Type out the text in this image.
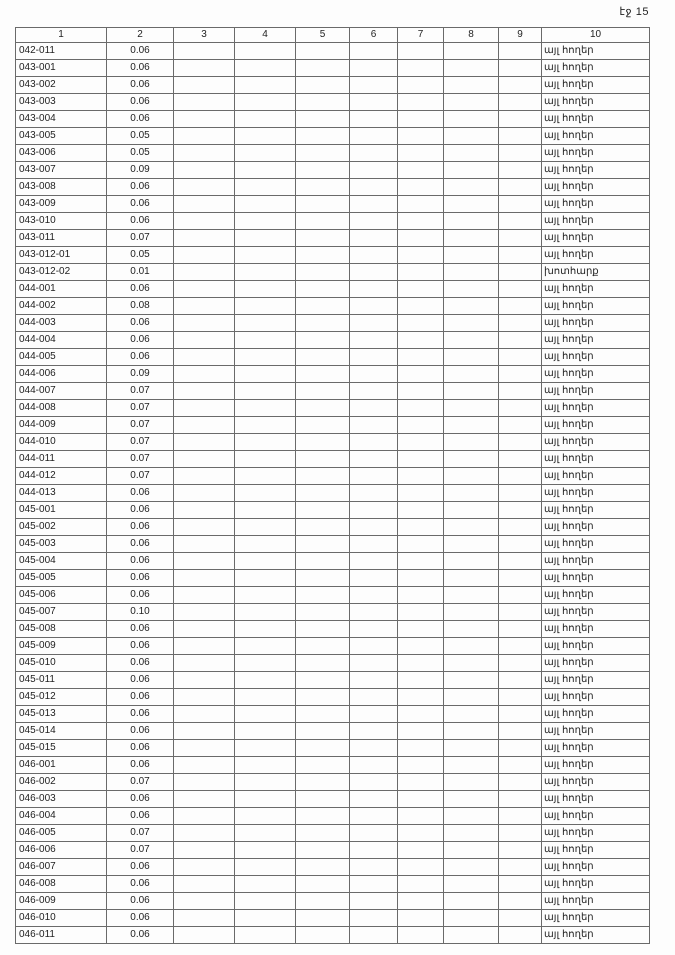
էջ 15
1	2	3	4	5	6	7	8	9	10
042-011	0.06								այլ հողեր
043-001	0.06								այլ հողեր
043-002	0.06								այլ հողեր
043-003	0.06								այլ հողեր
043-004	0.06								այլ հողեր
043-005	0.05								այլ հողեր
043-006	0.05								այլ հողեր
043-007	0.09								այլ հողեր
043-008	0.06								այլ հողեր
043-009	0.06								այլ հողեր
043-010	0.06								այլ հողեր
043-011	0.07								այլ հողեր
043-012-01	0.05								այլ հողեր
043-012-02	0.01								խոտհարք
044-001	0.06								այլ հողեր
044-002	0.08								այլ հողեր
044-003	0.06								այլ հողեր
044-004	0.06								այլ հողեր
044-005	0.06								այլ հողեր
044-006	0.09								այլ հողեր
044-007	0.07								այլ հողեր
044-008	0.07								այլ հողեր
044-009	0.07								այլ հողեր
044-010	0.07								այլ հողեր
044-011	0.07								այլ հողեր
044-012	0.07								այլ հողեր
044-013	0.06								այլ հողեր
045-001	0.06								այլ հողեր
045-002	0.06								այլ հողեր
045-003	0.06								այլ հողեր
045-004	0.06								այլ հողեր
045-005	0.06								այլ հողեր
045-006	0.06								այլ հողեր
045-007	0.10								այլ հողեր
045-008	0.06								այլ հողեր
045-009	0.06								այլ հողեր
045-010	0.06								այլ հողեր
045-011	0.06								այլ հողեր
045-012	0.06								այլ հողեր
045-013	0.06								այլ հողեր
045-014	0.06								այլ հողեր
045-015	0.06								այլ հողեր
046-001	0.06								այլ հողեր
046-002	0.07								այլ հողեր
046-003	0.06								այլ հողեր
046-004	0.06								այլ հողեր
046-005	0.07								այլ հողեր
046-006	0.07								այլ հողեր
046-007	0.06								այլ հողեր
046-008	0.06								այլ հողեր
046-009	0.06								այլ հողեր
046-010	0.06								այլ հողեր
046-011	0.06								այլ հողեր
